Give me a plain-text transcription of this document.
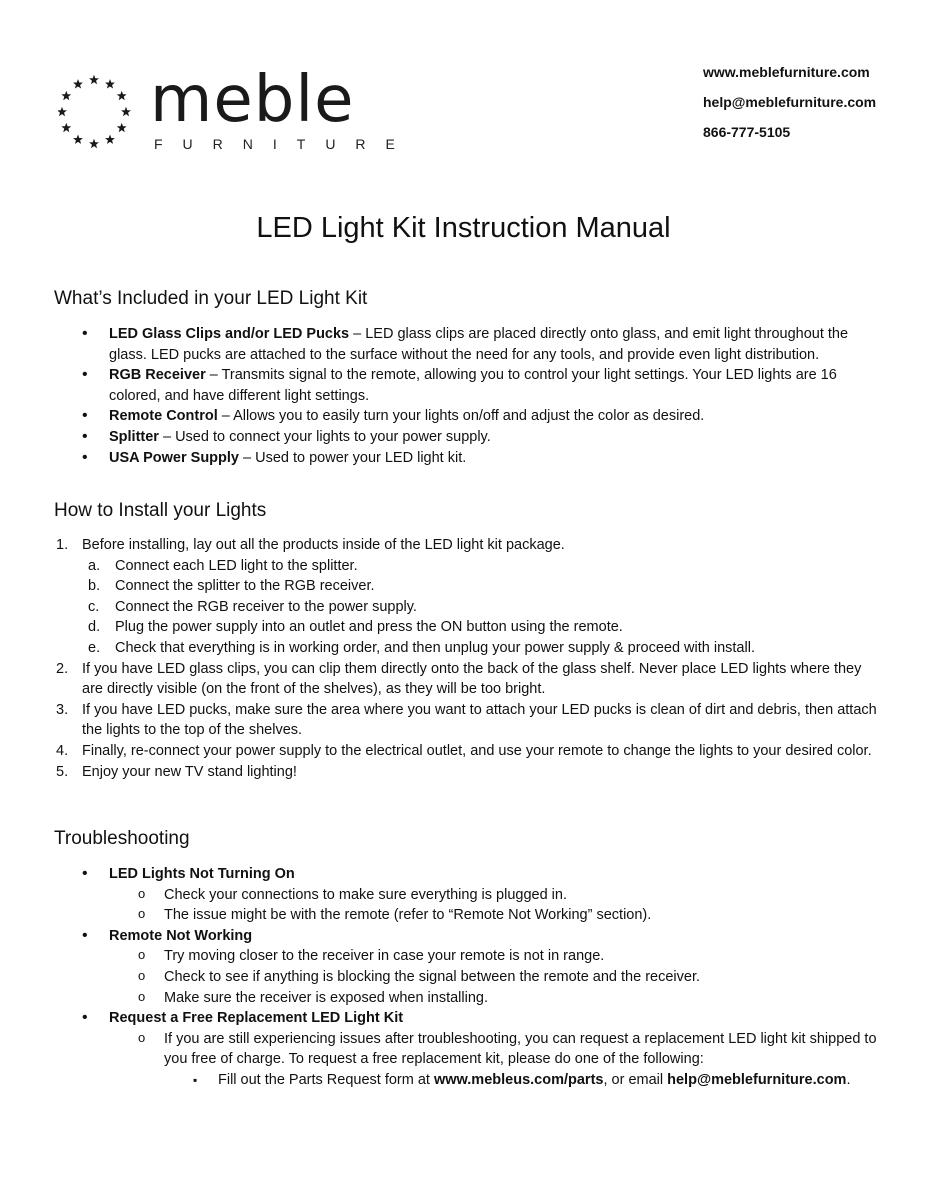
meble
FURNITURE
www.meblefurniture.com
help@meblefurniture.com
866-777-5105
LED Light Kit Instruction Manual
What’s Included in your LED Light Kit
• LED Glass Clips and/or LED Pucks – LED glass clips are placed directly onto glass, and emit light throughout the glass. LED pucks are attached to the surface without the need for any tools, and provide even light distribution.
• RGB Receiver – Transmits signal to the remote, allowing you to control your light settings. Your LED lights are 16 colored, and have different light settings.
• Remote Control – Allows you to easily turn your lights on/off and adjust the color as desired.
• Splitter – Used to connect your lights to your power supply.
• USA Power Supply – Used to power your LED light kit.
How to Install your Lights
1. Before installing, lay out all the products inside of the LED light kit package.
a. Connect each LED light to the splitter.
b. Connect the splitter to the RGB receiver.
c. Connect the RGB receiver to the power supply.
d. Plug the power supply into an outlet and press the ON button using the remote.
e. Check that everything is in working order, and then unplug your power supply & proceed with install.
2. If you have LED glass clips, you can clip them directly onto the back of the glass shelf. Never place LED lights where they are directly visible (on the front of the shelves), as they will be too bright.
3. If you have LED pucks, make sure the area where you want to attach your LED pucks is clean of dirt and debris, then attach the lights to the top of the shelves.
4. Finally, re-connect your power supply to the electrical outlet, and use your remote to change the lights to your desired color.
5. Enjoy your new TV stand lighting!
Troubleshooting
• LED Lights Not Turning On
o Check your connections to make sure everything is plugged in.
o The issue might be with the remote (refer to “Remote Not Working” section).
• Remote Not Working
o Try moving closer to the receiver in case your remote is not in range.
o Check to see if anything is blocking the signal between the remote and the receiver.
o Make sure the receiver is exposed when installing.
• Request a Free Replacement LED Light Kit
o If you are still experiencing issues after troubleshooting, you can request a replacement LED light kit shipped to you free of charge. To request a free replacement kit, please do one of the following:
▪ Fill out the Parts Request form at www.mebleus.com/parts, or email help@meblefurniture.com.
